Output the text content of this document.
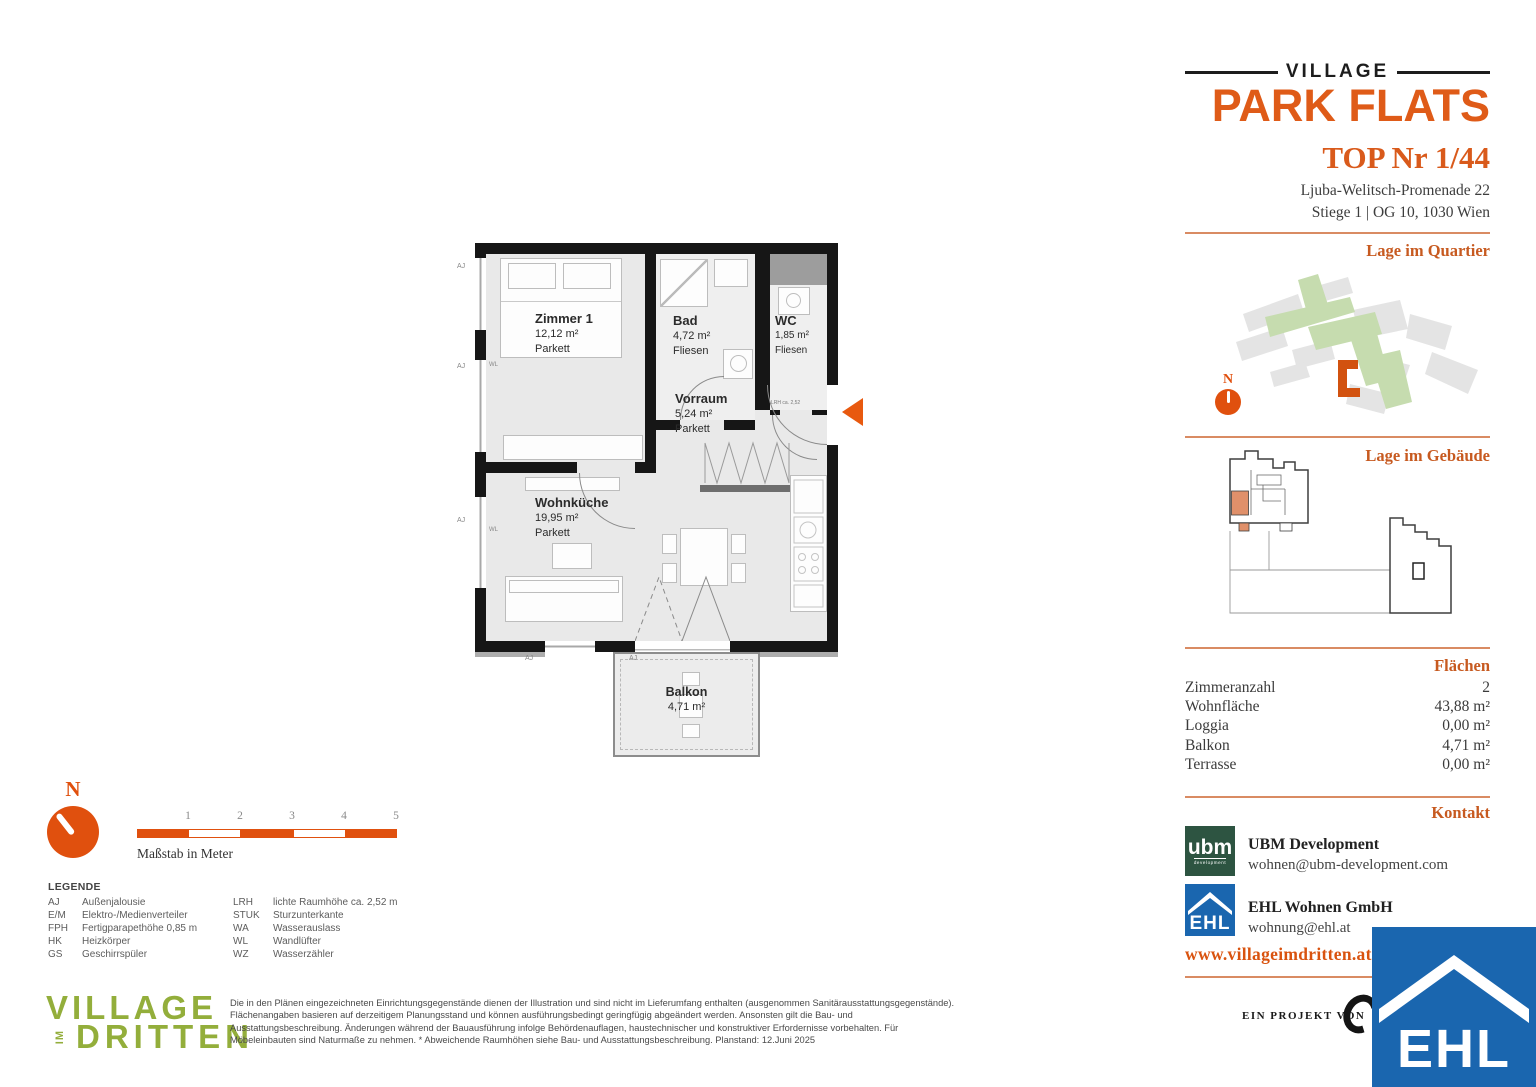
VILLAGE
PARK FLATS
TOP Nr 1/44
Ljuba-Welitsch-Promenade 22
Stiege 1 | OG 10, 1030 Wien
Lage im Quartier
N
Lage im Gebäude
Flächen
Zimmeranzahl	2
Wohnfläche	43,88 m²
Loggia	0,00 m²
Balkon	4,71 m²
Terrasse	0,00 m²
Kontakt
ubm
development
UBM Development
wohnen@ubm-development.com
EHL
EHL Wohnen GmbH
wohnung@ehl.at
www.villageimdritten.at
EIN PROJEKT VON
EHL
Zimmer 1
12,12 m²
Parkett
Bad
4,72 m²
Fliesen
WC
1,85 m²
Fliesen
Vorraum
5,24 m²
Parkett
Wohnküche
19,95 m²
Parkett
WL
WL
LRH ca. 2,52
Balkon
4,71 m²
AJ
AJ
AJ
AJ	AJ
N
1	2	3	4	5
Maßstab in Meter
LEGENDE
AJ Außenjalousie
E/M Elektro-/Medienverteiler
FPH Fertigparapethöhe 0,85 m
HK Heizkörper
GS Geschirrspüler
LRH lichte Raumhöhe ca. 2,52 m
STUK Sturzunterkante
WA Wasserauslass
WL	Wandlüfter
WZ Wasserzähler
VILLAGE
IM DRITTEN
Die in den Plänen eingezeichneten Einrichtungsgegenstände dienen der Illustration und sind nicht im Lieferumfang enthalten (ausgenommen Sanitärausstattungsgegenstände). Flächenangaben basieren auf derzeitigem Planungsstand und können ausführungsbedingt geringfügig abgeändert werden. Ansonsten gilt die Bau- und Ausstattungsbeschreibung. Änderungen während der Bauausführung infolge Behördenauflagen, haustechnischer und konstruktiver Erfordernisse vorbehalten. Für Möbeleinbauten sind Naturmaße zu nehmen. * Abweichende Raumhöhen siehe Bau- und Ausstattungsbeschreibung. Planstand: 12.Juni 2025
